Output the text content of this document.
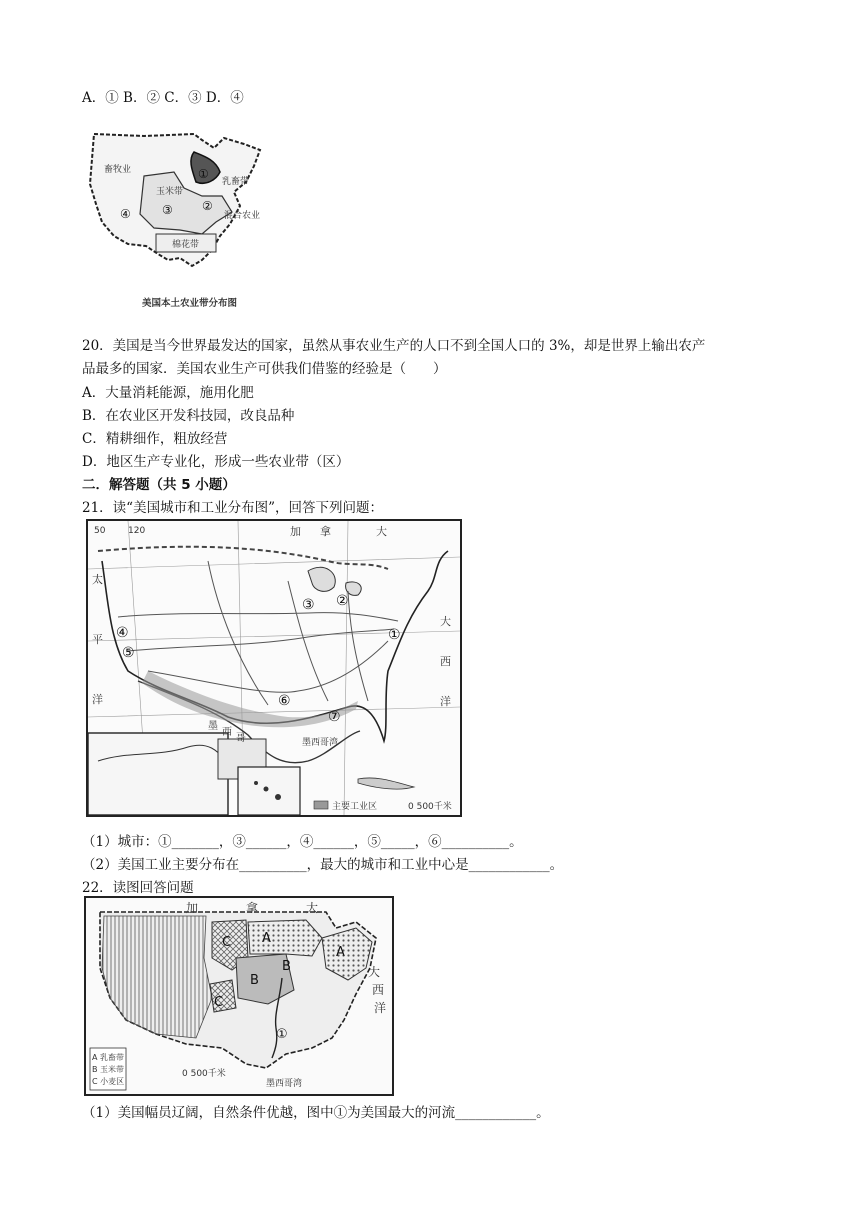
A．① B．② C．③ D．④
畜牧业
玉米带
棉花带
混合农业
乳畜带
④	③
①
②
美国本土农业带分布图
20．美国是当今世界最发达的国家，虽然从事农业生产的人口不到全国人口的 3%，却是世界上输出农产
品最多的国家．美国农业生产可供我们借鉴的经验是（　　）
A．大量消耗能源，施用化肥
B．在农业区开发科技园，改良品种
C．精耕细作，粗放经营
D．地区生产专业化，形成一些农业带（区）
二．解答题（共 5 小题）
21．读“美国城市和工业分布图”，回答下列问题：
主要工业区	0 500千米
50	120	加 拿	大
太
平
洋
大
西
洋
墨
西
哥	墨西哥湾
①
②
③
④
⑤
⑥
⑦
（1）城市：①_______，③______，④______，⑤_____，⑥__________。
（2）美国工业主要分布在__________，最大的城市和工业中心是____________。
22．读图回答问题
加	拿	大
大
西
洋
C
C
A
A
B
B
①
墨西哥湾
0 500千米
A 乳畜带
B 玉米带
C 小麦区
（1）美国幅员辽阔，自然条件优越，图中①为美国最大的河流____________。
